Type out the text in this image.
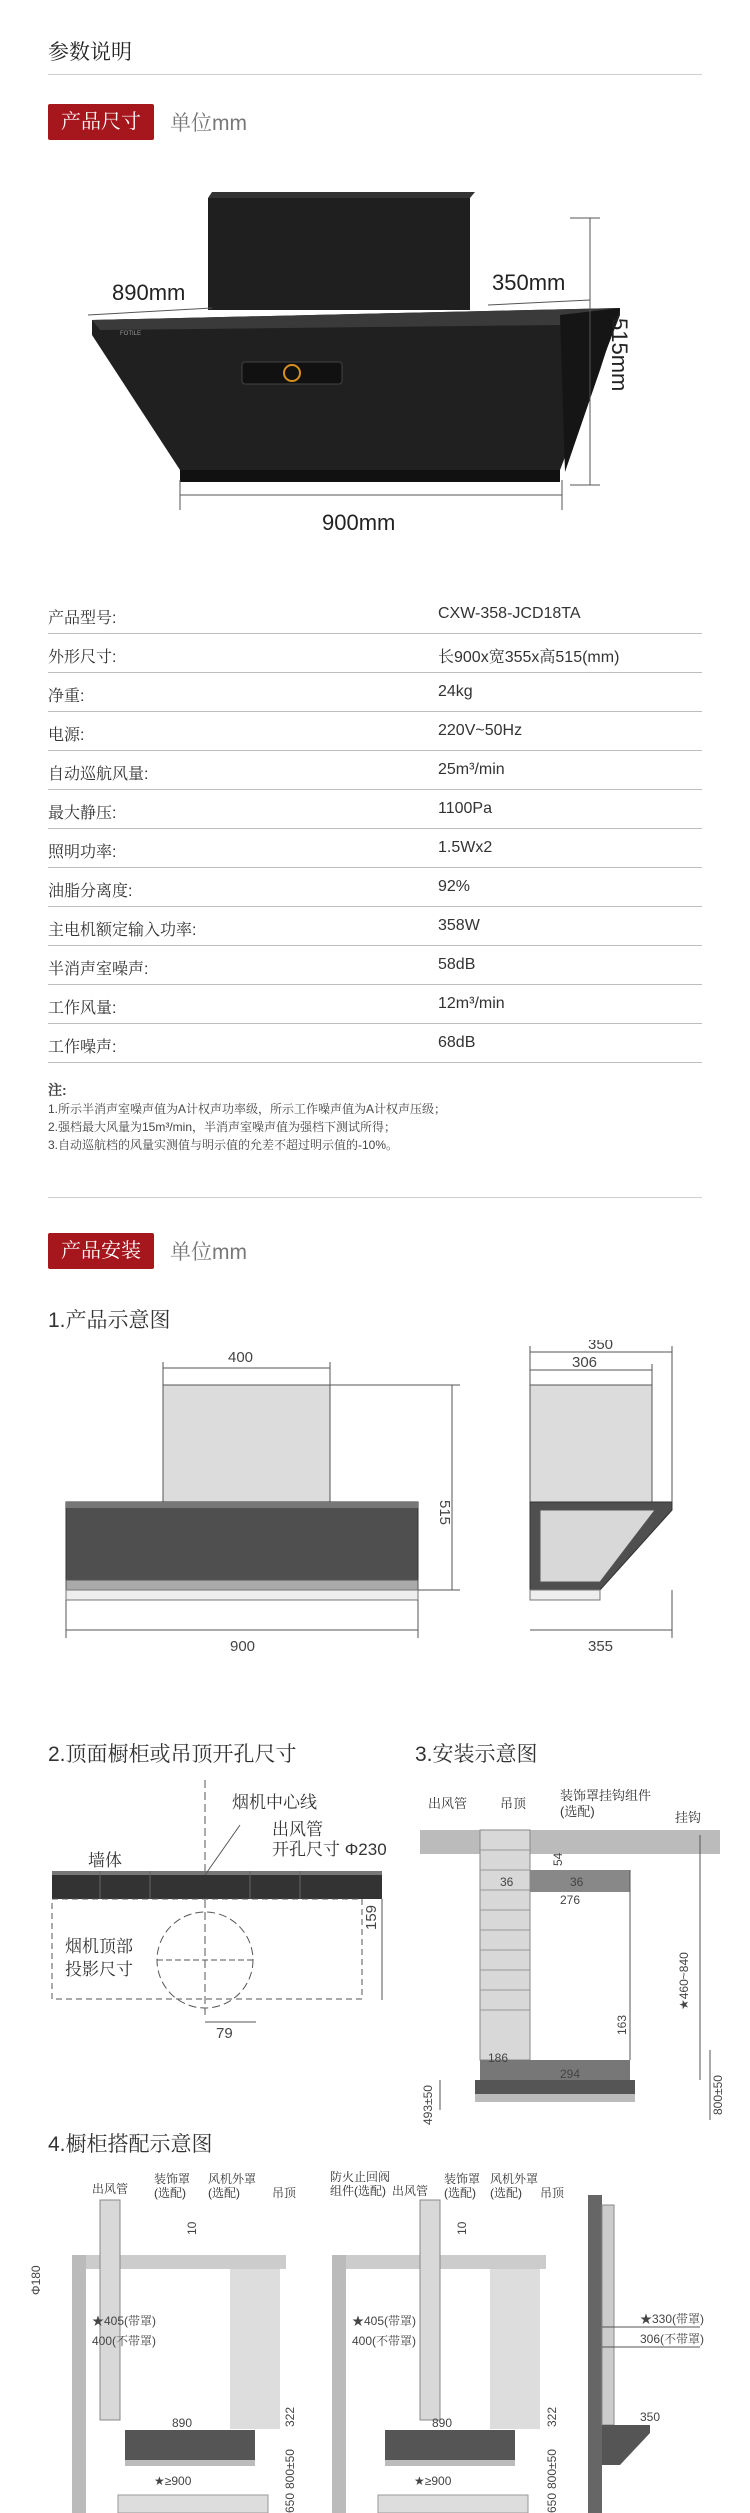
参数说明
产品尺寸	单位mm
FOTILE
890mm	350mm
515mm
900mm
产品型号:	CXW-358-JCD18TA
外形尺寸:	长900x宽355x高515(mm)
净重:	24kg
电源:	220V~50Hz
自动巡航风量:	25m³/min
最大静压:	1100Pa
照明功率:	1.5Wx2
油脂分离度:	92%
主电机额定输入功率:	358W
半消声室噪声:	58dB
工作风量:	12m³/min
工作噪声:	68dB
注:
1.所示半消声室噪声值为A计权声功率级，所示工作噪声值为A计权声压级；
2.强档最大风量为15m³/min，半消声室噪声值为强档下测试所得；
3.自动巡航档的风量实测值与明示值的允差不超过明示值的-10%。
产品安装	单位mm
1.产品示意图
400
515
900
350
306
355
2.顶面橱柜或吊顶开孔尺寸	3.安装示意图
烟机中心线
出风管
开孔尺寸 Φ230
墙体
烟机顶部
投影尺寸
159
79
出风管	吊顶
装饰罩挂钩组件
(选配)	挂钩
36	36
54
276
★460~840
163
186
294
493±50	800±50
4.橱柜搭配示意图
Φ180
出风管
装饰罩
(选配)
风机外罩
(选配)	吊顶
10
★405(带罩)
400(不带罩)
890	322
★≥900	800±50
650
防火止回阀
组件(选配) 出风管
装饰罩
(选配)
风机外罩
(选配) 吊顶
10
★405(带罩)
400(不带罩)
890	322
★≥900	800±50
650
★330(带罩)
306(不带罩)
350
